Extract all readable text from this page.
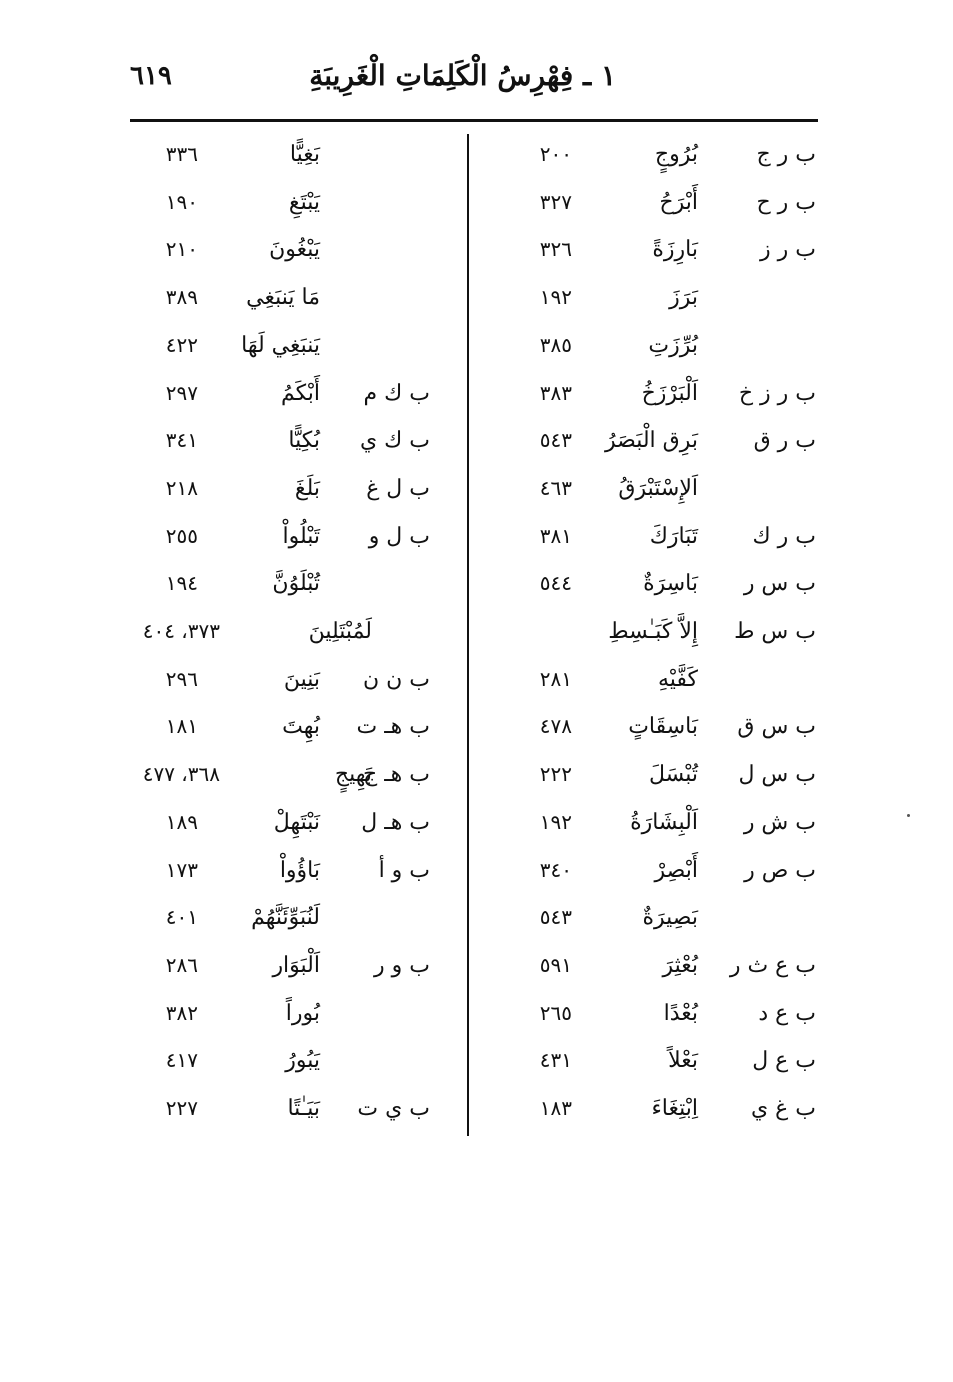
٦١٩	١ ـ فِهْرِسُ الْكَلِمَاتِ الْغَرِيبَةِ
ب ر ج
بُرُوجٍ
٢٠٠
ب ر ح
أَبْرَحُ
٣٢٧
ب ر ز
بَارِزَةً
٣٢٦
بَرَزَ
١٩٢
بُرِّزَتِ
٣٨٥
ب ر ز خ
اَلْبَرْزَخُ
٣٨٣
ب ر ق
بَرِق الْبَصَرُ
٥٤٣
اَلإِسْتَبْرَقُ
٤٦٣
ب ر ك
تَبَارَكَ
٣٨١
ب س ر
بَاسِرَةٌ
٥٤٤
ب س ط
إِلاَّ كَبَـٰسِطِ
كَفَّيْهِ
٢٨١
ب س ق
بَاسِقَاتٍ
٤٧٨
ب س ل
تُبْسَلَ
٢٢٢
ب ش ر
اَلْبِشَارَةُ
١٩٢
ب ص ر
أَبْصِرْ
٣٤٠
بَصِيرَةٌ
٥٤٣
ب ع ث ر
بُعْثِرَ
٥٩١
ب ع د
بُعْدًا
٢٦٥
ب ع ل
بَعْلاً
٤٣١
ب غ ي
اِبْتِغَاءَ
١٨٣
بَغِيًّا
٣٣٦
يَبْتَغِ
١٩٠
يَبْغُونَ
٢١٠
مَا يَنبَغِي
٣٨٩
يَنبَغِي لَهَا
٤٢٢
ب ك م
أَبْكَمُ
٢٩٧
ب ك ي
بُكِيًّا
٣٤١
ب ل غ
بَلَغَ
٢١٨
ب ل و
تَبْلُواْ
٢٥٥
تُبْلَوُنَّ
١٩٤
لَمُبْتَلِينَ
٣٧٣، ٤٠٤
ب ن ن
بَنِينَ
٢٩٦
ب هـ ت
بُهِتَ
١٨١
ب هـ ج
بَهِيجٍ
٣٦٨، ٤٧٧
ب هـ ل
نَبْتَهِلْ
١٨٩
ب و أ
بَاؤُواْ
١٧٣
لَنُبَوِّئَنَّهُمْ
٤٠١
ب و ر
اَلْبَوَار
٢٨٦
بُوراً
٣٨٢
يَبُورُ
٤١٧
ب ي ت
بَيَـٰتًا
٢٢٧
